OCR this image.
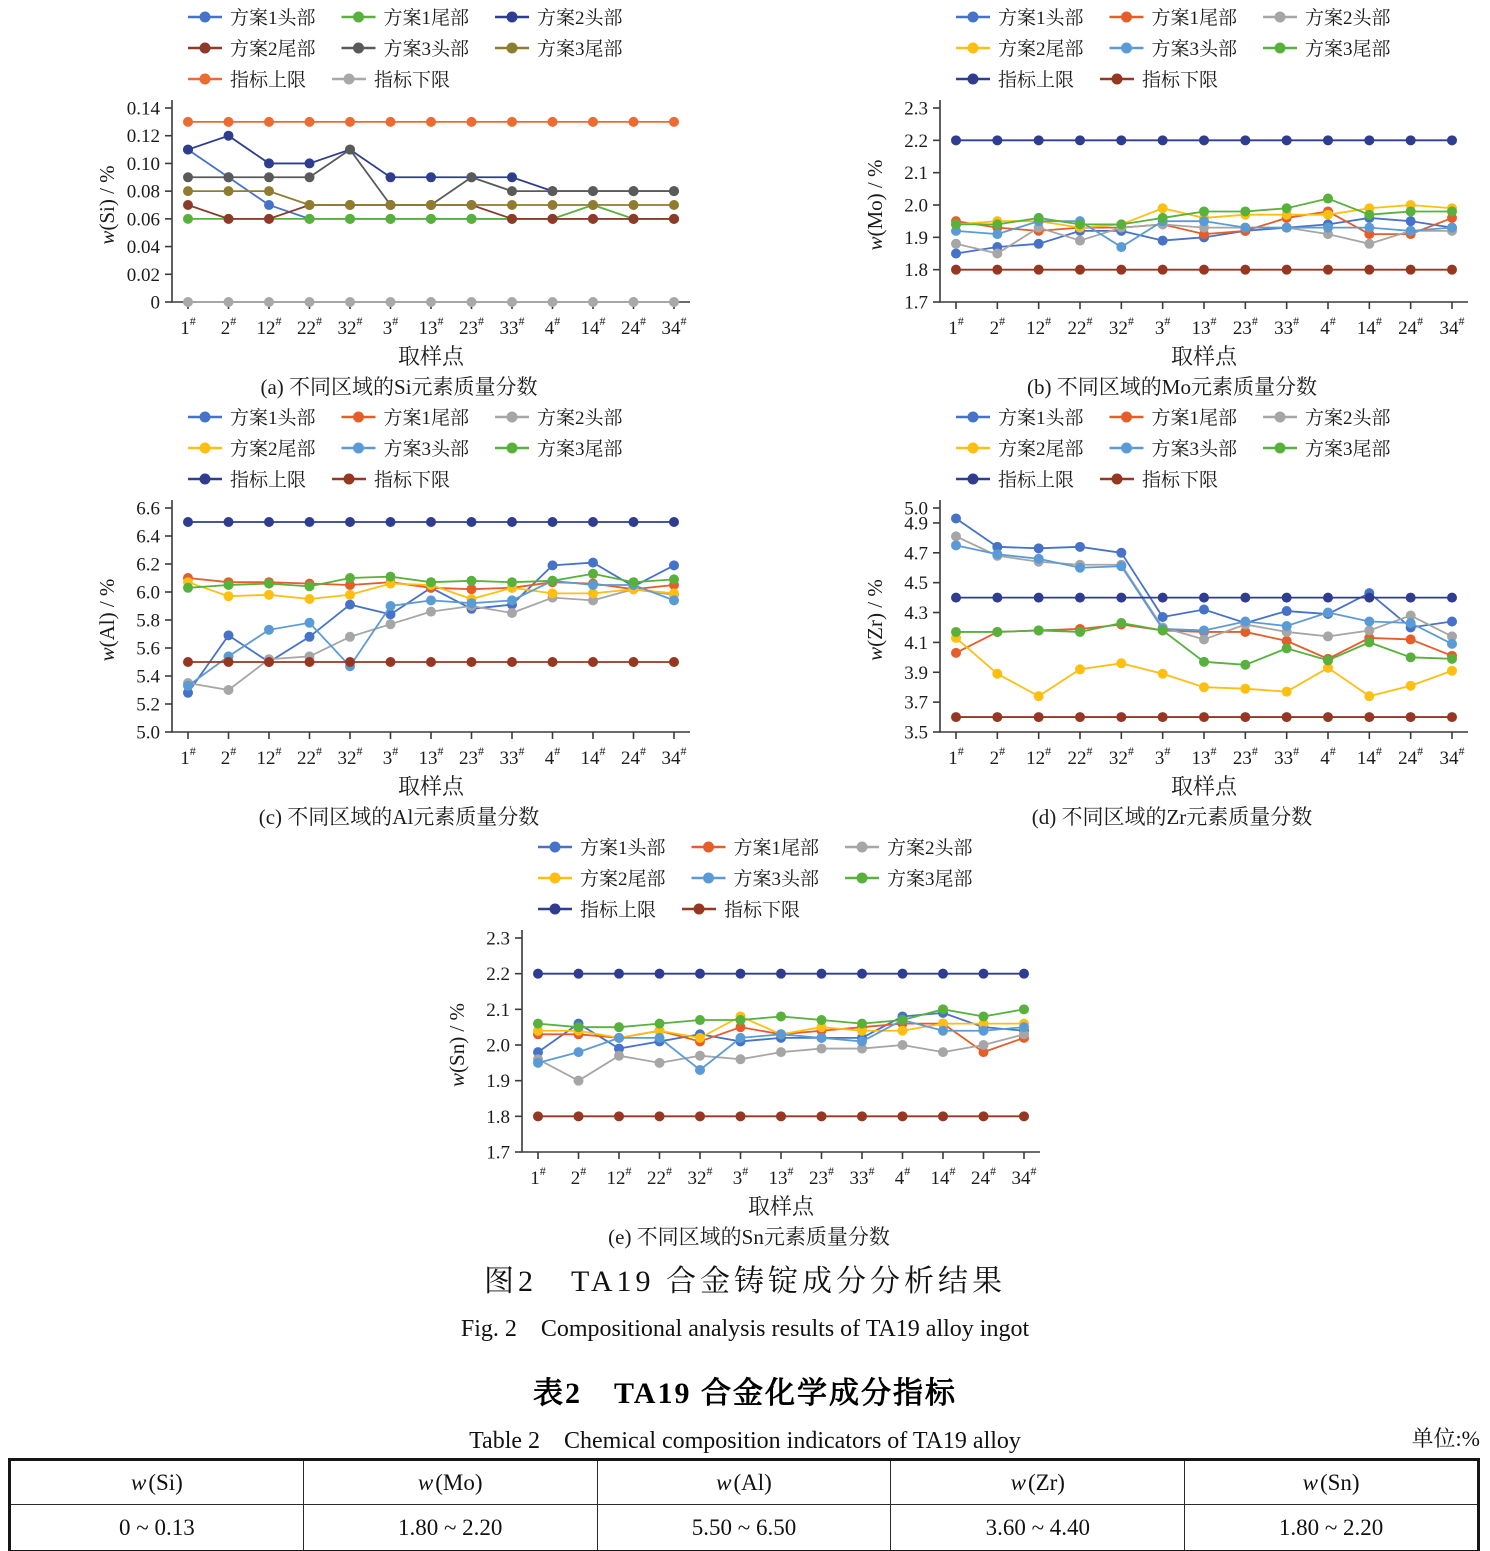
0
0.02
0.04
0.06
0.08
0.10
0.12
0.14
1# 2# 12# 22# 32# 3# 13# 23# 33# 4# 14# 24# 34#
w(Si) / %
取样点
(a) 不同区域的Si元素质量分数
方案1头部	方案1尾部	方案2头部
方案2尾部	方案3头部	方案3尾部
指标上限	指标下限
1.7
1.8
1.9
2.0
2.1
2.2
2.3
1# 2# 12# 22# 32# 3# 13# 23# 33# 4# 14# 24# 34#
w(Mo) / %
取样点
(b) 不同区域的Mo元素质量分数
方案1头部	方案1尾部	方案2头部
方案2尾部	方案3头部	方案3尾部
指标上限	指标下限
5.0
5.2
5.4
5.6
5.8
6.0
6.2
6.4
6.6
1# 2# 12# 22# 32# 3# 13# 23# 33# 4# 14# 24# 34#
w(Al) / %
取样点
(c) 不同区域的Al元素质量分数
方案1头部	方案1尾部	方案2头部
方案2尾部	方案3头部	方案3尾部
指标上限	指标下限
3.5
3.7
3.9
4.1
4.3
4.5
4.7
4.9
5.0
1# 2# 12# 22# 32# 3# 13# 23# 33# 4# 14# 24# 34#
w(Zr) / %
取样点
(d) 不同区域的Zr元素质量分数
方案1头部	方案1尾部	方案2头部
方案2尾部	方案3头部	方案3尾部
指标上限	指标下限
1.7
1.8
1.9
2.0
2.1
2.2
2.3
1# 2# 12# 22# 32# 3# 13# 23# 33# 4# 14# 24# 34#
w(Sn) / %
取样点
(e) 不同区域的Sn元素质量分数
方案1头部	方案1尾部	方案2头部
方案2尾部	方案3头部	方案3尾部
指标上限	指标下限
图2　TA19 合金铸锭成分分析结果
Fig. 2　Compositional analysis results of TA19 alloy ingot
表2　TA19 合金化学成分指标
Table 2　Chemical composition indicators of TA19 alloy	单位:%
w(Si)	w(Mo)	w(Al)	w(Zr)	w(Sn)
0 ~ 0.13	1.80 ~ 2.20	5.50 ~ 6.50	3.60 ~ 4.40	1.80 ~ 2.20
